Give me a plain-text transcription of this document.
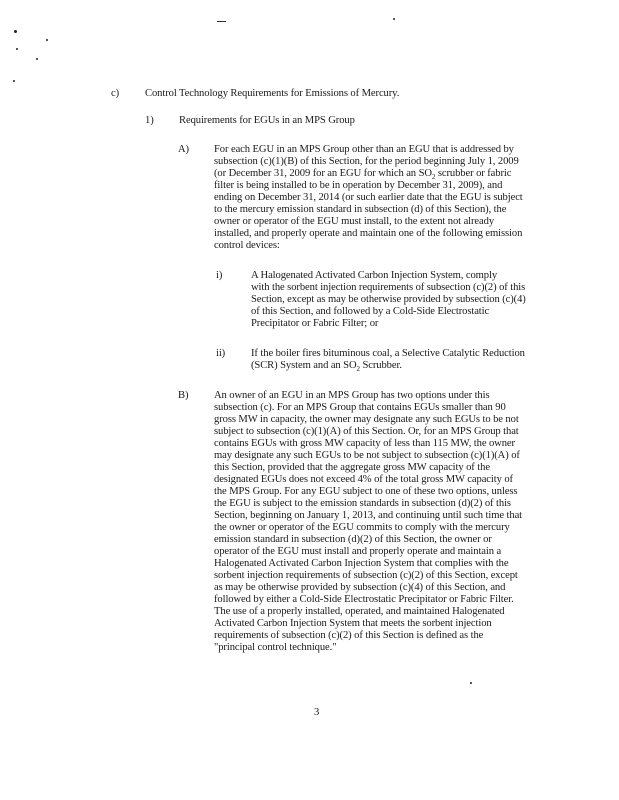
c) Control Technology Requirements for Emissions of Mercury.
1) Requirements for EGUs in an MPS Group
A) For each EGU in an MPS Group other than an EGU that is addressed by
subsection (c)(1)(B) of this Section, for the period beginning July 1, 2009
(or December 31, 2009 for an EGU for which an $SO_2$ scrubber or fabric
filter is being installed to be in operation by December 31, 2009), and
ending on December 31, 2014 (or such earlier date that the EGU is subject
to the mercury emission standard in subsection (d) of this Section), the
owner or operator of the EGU must install, to the extent not already
installed, and properly operate and maintain one of the following emission
control devices:
i)	A Halogenated Activated Carbon Injection System, comply
with the sorbent injection requirements of subsection (c)(2) of this
Section, except as may be otherwise provided by subsection (c)(4)
of this Section, and followed by a Cold-Side Electrostatic
Precipitator or Fabric Filter; or
ii) If the boiler fires bituminous coal, a Selective Catalytic Reduction
(SCR) System and an $SO_2$ Scrubber.
B) An owner of an EGU in an MPS Group has two options under this
subsection (c). For an MPS Group that contains EGUs smaller than 90
gross MW in capacity, the owner may designate any such EGUs to be not
subject to subsection (c)(1)(A) of this Section. Or, for an MPS Group that
contains EGUs with gross MW capacity of less than 115 MW, the owner
may designate any such EGUs to be not subject to subsection (c)(1)(A) of
this Section, provided that the aggregate gross MW capacity of the
designated EGUs does not exceed 4% of the total gross MW capacity of
the MPS Group. For any EGU subject to one of these two options, unless
the EGU is subject to the emission standards in subsection (d)(2) of this
Section, beginning on January 1, 2013, and continuing until such time that
the owner or operator of the EGU commits to comply with the mercury
emission standard in subsection (d)(2) of this Section, the owner or
operator of the EGU must install and properly operate and maintain a
Halogenated Activated Carbon Injection System that complies with the
sorbent injection requirements of subsection (c)(2) of this Section, except
as may be otherwise provided by subsection (c)(4) of this Section, and
followed by either a Cold-Side Electrostatic Precipitator or Fabric Filter.
The use of a properly installed, operated, and maintained Halogenated
Activated Carbon Injection System that meets the sorbent injection
requirements of subsection (c)(2) of this Section is defined as the
"principal control technique."
3
